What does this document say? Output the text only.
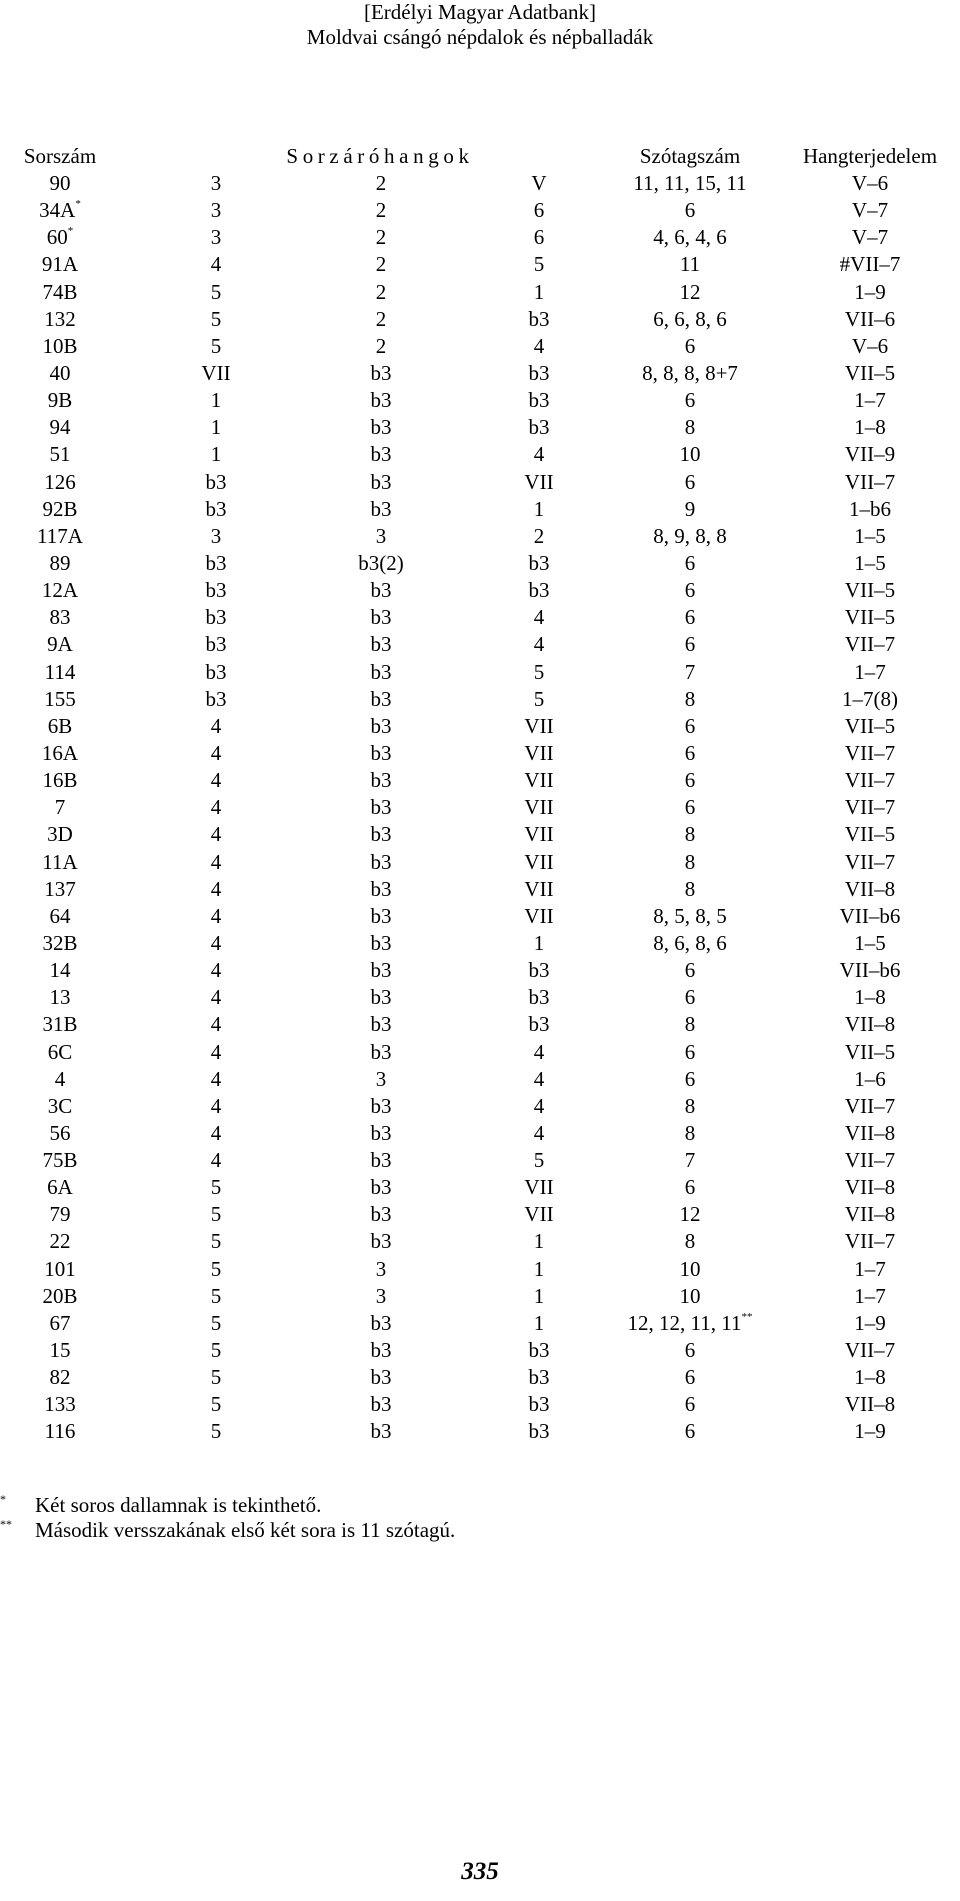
[Erdélyi Magyar Adatbank]
Moldvai csángó népdalok és népballadák
Sorszám	Sorzáróhangok	Szótagszám	Hangterjedelem
90	3	2	V	11, 11, 15, 11	V–6
34A*	3	2	6	6	V–7
60*	3	2	6	4, 6, 4, 6	V–7
91A	4	2	5	11	#VII–7
74B	5	2	1	12	1–9
132	5	2	b3	6, 6, 8, 6	VII–6
10B	5	2	4	6	V–6
40	VII	b3	b3	8, 8, 8, 8+7	VII–5
9B	1	b3	b3	6	1–7
94	1	b3	b3	8	1–8
51	1	b3	4	10	VII–9
126	b3	b3	VII	6	VII–7
92B	b3	b3	1	9	1–b6
117A	3	3	2	8, 9, 8, 8	1–5
89	b3	b3(2)	b3	6	1–5
12A	b3	b3	b3	6	VII–5
83	b3	b3	4	6	VII–5
9A	b3	b3	4	6	VII–7
114	b3	b3	5	7	1–7
155	b3	b3	5	8	1–7(8)
6B	4	b3	VII	6	VII–5
16A	4	b3	VII	6	VII–7
16B	4	b3	VII	6	VII–7
7	4	b3	VII	6	VII–7
3D	4	b3	VII	8	VII–5
11A	4	b3	VII	8	VII–7
137	4	b3	VII	8	VII–8
64	4	b3	VII	8, 5, 8, 5	VII–b6
32B	4	b3	1	8, 6, 8, 6	1–5
14	4	b3	b3	6	VII–b6
13	4	b3	b3	6	1–8
31B	4	b3	b3	8	VII–8
6C	4	b3	4	6	VII–5
4	4	3	4	6	1–6
3C	4	b3	4	8	VII–7
56	4	b3	4	8	VII–8
75B	4	b3	5	7	VII–7
6A	5	b3	VII	6	VII–8
79	5	b3	VII	12	VII–8
22	5	b3	1	8	VII–7
101	5	3	1	10	1–7
20B	5	3	1	10	1–7
67	5	b3	1	12, 12, 11, 11**	1–9
15	5	b3	b3	6	VII–7
82	5	b3	b3	6	1–8
133	5	b3	b3	6	VII–8
116	5	b3	b3	6	1–9
* Két soros dallamnak is tekinthető.
** Második versszakának első két sora is 11 szótagú.
335
